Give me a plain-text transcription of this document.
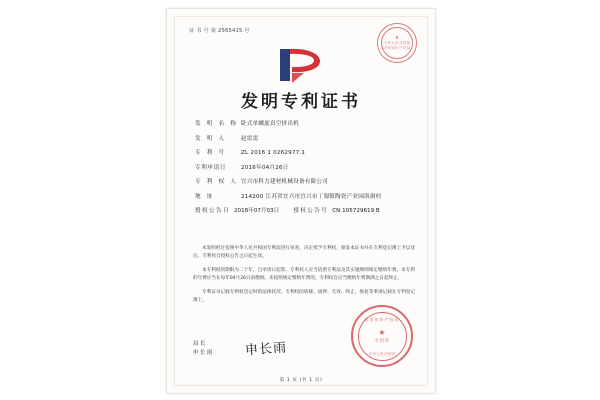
证 书 号 第 2565415 号
★
中华人民共和国国家知识产权局
发明专利证书
发 明 名 称 卧式单螺旋真空挤出机
发 明 人	赵雷雷
专 利 号	ZL 2016 1 0262977.1
专利申请日	2016年04月26日
专 利 权 人 宜兴市科力建材机械设备有限公司
地 址	214200 江苏省宜兴市宜兴市丁蜀镇陶瓷产业园洛涧村
授权公告日 2018年07月03日	授权公告号 CN 105729619 B

本发明经过依照中华人民共和国专利法进行审查，决定授予专利权，颁发本证书并在专利登记簿上予以登记。专利权自授权公告之日起生效。

本专利权的期限为二十年，自申请日起算。专利权人应当依照专利法及其实施细则规定缴纳年费。本专利的年费应当在每年04月26日前缴纳。未按照规定缴纳年费的，专利权自应当缴纳年费期满之日起终止。

专利证书记载专利权登记时的法律状况。专利权的转移、质押、无效、终止、恢复等事项记载在专利登记簿上。

局长
申长雨	申长雨
国家知识产权局
★
专用章
中华人民共和国
第 1 页 (共 1 页)
